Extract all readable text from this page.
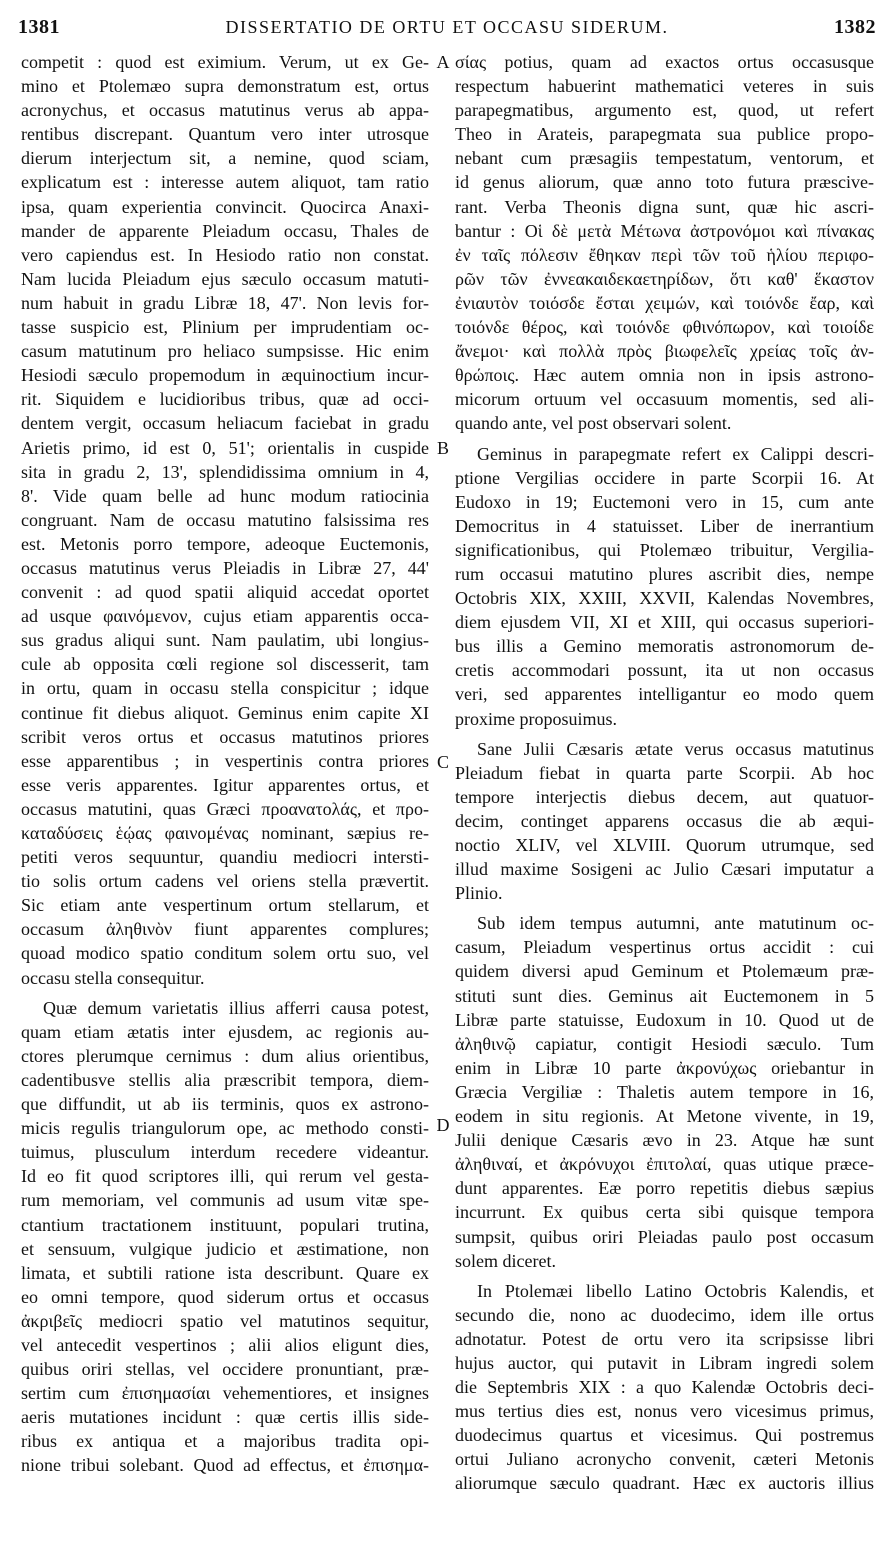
1381	DISSERTATIO DE ORTU ET OCCASU SIDERUM.	1382
competit : quod est eximium. Verum, ut ex Ge-
mino et Ptolemæo supra demonstratum est, ortus
acronychus, et occasus matutinus verus ab appa-
rentibus discrepant. Quantum vero inter utrosque
dierum interjectum sit, a nemine, quod sciam,
explicatum est : interesse autem aliquot, tam ratio
ipsa, quam experientia convincit. Quocirca Anaxi-
mander de apparente Pleiadum occasu, Thales de
vero capiendus est. In Hesiodo ratio non constat.
Nam lucida Pleiadum ejus sæculo occasum matuti-
num habuit in gradu Libræ 18, 47'. Non levis for-
tasse suspicio est, Plinium per imprudentiam oc-
casum matutinum pro heliaco sumpsisse. Hic enim
Hesiodi sæculo propemodum in æquinoctium incur-
rit. Siquidem e lucidioribus tribus, quæ ad occi-
dentem vergit, occasum heliacum faciebat in gradu
Arietis primo, id est 0, 51'; orientalis in cuspide
sita in gradu 2, 13', splendidissima omnium in 4,
8'. Vide quam belle ad hunc modum ratiocinia
congruant. Nam de occasu matutino falsissima res
est. Metonis porro tempore, adeoque Euctemonis,
occasus matutinus verus Pleiadis in Libræ 27, 44'
convenit : ad quod spatii aliquid accedat oportet
ad usque φαινόμενον, cujus etiam apparentis occa-
sus gradus aliqui sunt. Nam paulatim, ubi longius-
cule ab opposita cœli regione sol discesserit, tam
in ortu, quam in occasu stella conspicitur ; idque
continue fit diebus aliquot. Geminus enim capite XI
scribit veros ortus et occasus matutinos priores
esse apparentibus ; in vespertinis contra priores
esse veris apparentes. Igitur apparentes ortus, et
occasus matutini, quas Græci προανατολάς, et προ-
καταδύσεις ἑῴας φαινομένας nominant, sæpius re-
petiti veros sequuntur, quandiu mediocri intersti-
tio solis ortum cadens vel oriens stella prævertit.
Sic etiam ante vespertinum ortum stellarum, et
occasum ἀληθινὸν fiunt apparentes complures;
quoad modico spatio conditum solem ortu suo, vel
occasu stella consequitur.
Quæ demum varietatis illius afferri causa potest,
quam etiam ætatis inter ejusdem, ac regionis au-
ctores plerumque cernimus : dum alius orientibus,
cadentibusve stellis alia præscribit tempora, diem-
que diffundit, ut ab iis terminis, quos ex astrono-
micis regulis triangulorum ope, ac methodo consti-
tuimus, plusculum interdum recedere videantur.
Id eo fit quod scriptores illi, qui rerum vel gesta-
rum memoriam, vel communis ad usum vitæ spe-
ctantium tractationem instituunt, populari trutina,
et sensuum, vulgique judicio et æstimatione, non
limata, et subtili ratione ista describunt. Quare ex
eo omni tempore, quod siderum ortus et occasus
ἀκριβεῖς mediocri spatio vel matutinos sequitur,
vel antecedit vespertinos ; alii alios eligunt dies,
quibus oriri stellas, vel occidere pronuntiant, præ-
sertim cum ἐπισημασίαι vehementiores, et insignes
aeris mutationes incidunt : quæ certis illis side-
ribus ex antiqua et a majoribus tradita opi-
nione tribui solebant. Quod ad effectus, et ἐπισημα-
A
B
C
D
σίας potius, quam ad exactos ortus occasusque
respectum habuerint mathematici veteres in suis
parapegmatibus, argumento est, quod, ut refert
Theo in Arateis, parapegmata sua publice propo-
nebant cum præsagiis tempestatum, ventorum, et
id genus aliorum, quæ anno toto futura præscive-
rant. Verba Theonis digna sunt, quæ hic ascri-
bantur : Οἱ δὲ μετὰ Μέτωνα ἀστρονόμοι καὶ πίνακας
ἐν ταῖς πόλεσιν ἔθηκαν περὶ τῶν τοῦ ἡλίου περιφο-
ρῶν τῶν ἐννεακαιδεκαετηρίδων, ὅτι καθ' ἕκαστον
ἐνιαυτὸν τοιόσδε ἔσται χειμών, καὶ τοιόνδε ἔαρ, καὶ
τοιόνδε θέρος, καὶ τοιόνδε φθινόπωρον, καὶ τοιοίδε
ἄνεμοι· καὶ πολλὰ πρὸς βιωφελεῖς χρείας τοῖς ἀν-
θρώποις. Hæc autem omnia non in ipsis astrono-
micorum ortuum vel occasuum momentis, sed ali-
quando ante, vel post observari solent.
Geminus in parapegmate refert ex Calippi descri-
ptione Vergilias occidere in parte Scorpii 16. At
Eudoxo in 19; Euctemoni vero in 15, cum ante
Democritus in 4 statuisset. Liber de inerrantium
significationibus, qui Ptolemæo tribuitur, Vergilia-
rum occasui matutino plures ascribit dies, nempe
Octobris XIX, XXIII, XXVII, Kalendas Novembres,
diem ejusdem VII, XI et XIII, qui occasus superiori-
bus illis a Gemino memoratis astronomorum de-
cretis accommodari possunt, ita ut non occasus
veri, sed apparentes intelligantur eo modo quem
proxime proposuimus.
Sane Julii Cæsaris ætate verus occasus matutinus
Pleiadum fiebat in quarta parte Scorpii. Ab hoc
tempore interjectis diebus decem, aut quatuor-
decim, continget apparens occasus die ab æqui-
noctio XLIV, vel XLVIII. Quorum utrumque, sed
illud maxime Sosigeni ac Julio Cæsari imputatur a
Plinio.
Sub idem tempus autumni, ante matutinum oc-
casum, Pleiadum vespertinus ortus accidit : cui
quidem diversi apud Geminum et Ptolemæum præ-
stituti sunt dies. Geminus ait Euctemonem in 5
Libræ parte statuisse, Eudoxum in 10. Quod ut de
ἀληθινῷ capiatur, contigit Hesiodi sæculo. Tum
enim in Libræ 10 parte ἀκρονύχως oriebantur in
Græcia Vergiliæ : Thaletis autem tempore in 16,
eodem in situ regionis. At Metone vivente, in 19,
Julii denique Cæsaris ævo in 23. Atque hæ sunt
ἀληθιναί, et ἀκρόνυχοι ἐπιτολαί, quas utique præce-
dunt apparentes. Eæ porro repetitis diebus sæpius
incurrunt. Ex quibus certa sibi quisque tempora
sumpsit, quibus oriri Pleiadas paulo post occasum
solem diceret.
In Ptolemæi libello Latino Octobris Kalendis, et
secundo die, nono ac duodecimo, idem ille ortus
adnotatur. Potest de ortu vero ita scripsisse libri
hujus auctor, qui putavit in Libram ingredi solem
die Septembris XIX : a quo Kalendæ Octobris deci-
mus tertius dies est, nonus vero vicesimus primus,
duodecimus quartus et vicesimus. Qui postremus
ortui Juliano acronycho convenit, cæteri Metonis
aliorumque sæculo quadrant. Hæc ex auctoris illius
